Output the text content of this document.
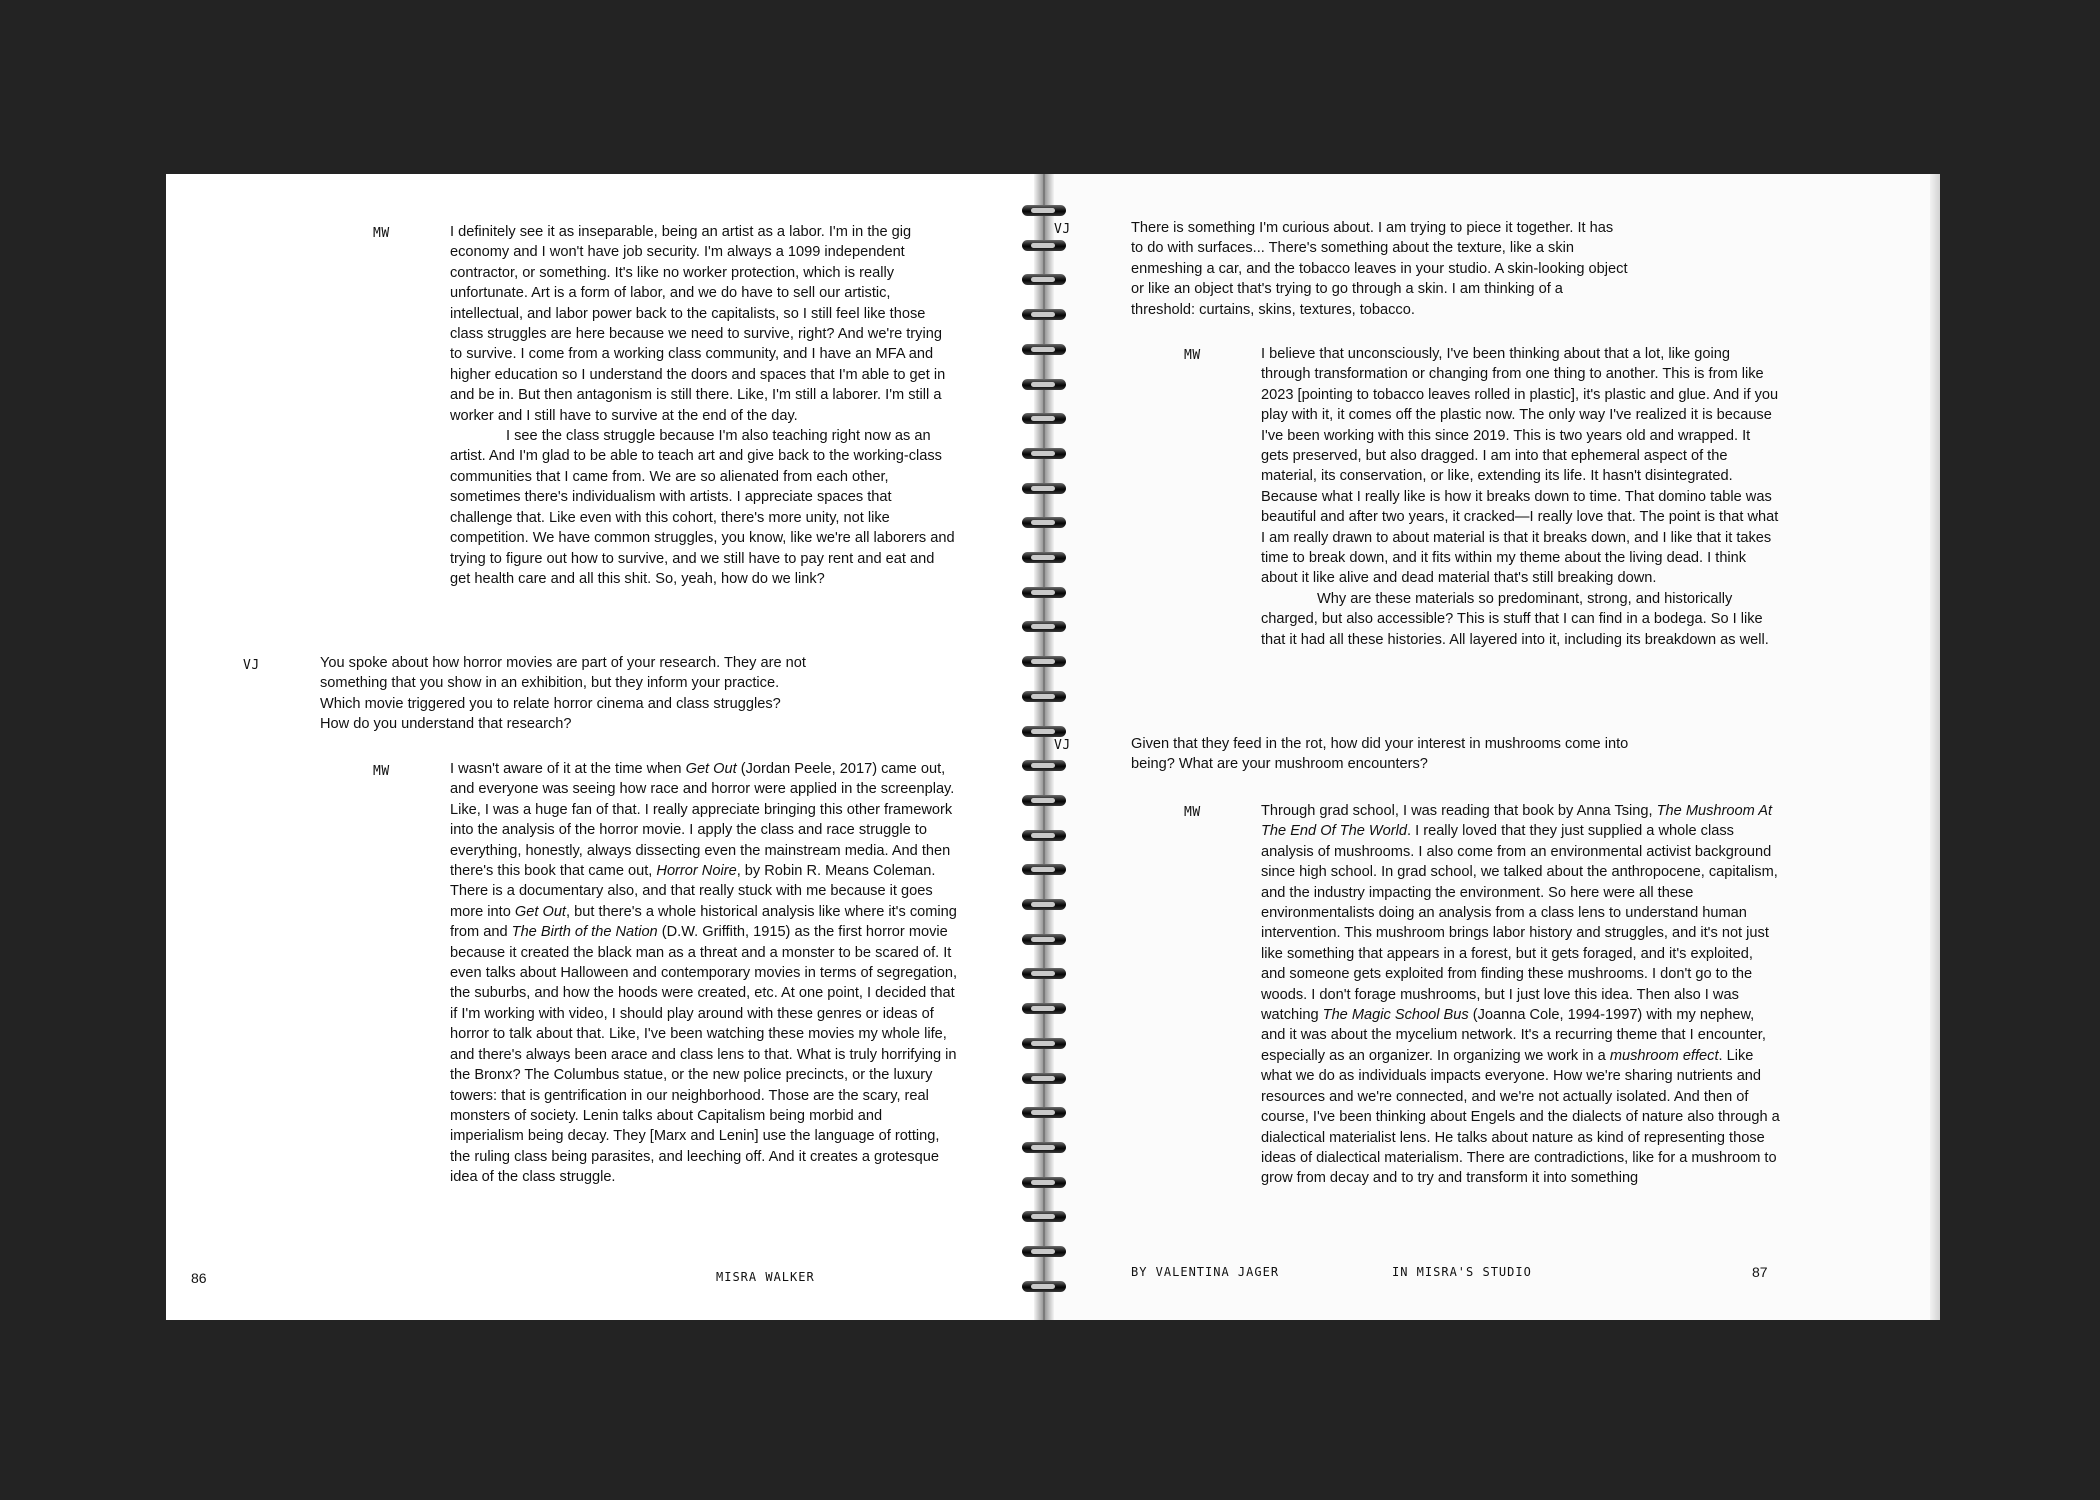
MW	I definitely see it as inseparable, being an artist as a labor. I'm in the gig economy and I won't have job security. I'm always a 1099 independent contractor, or something. It's like no worker protection, which is really unfortunate. Art is a form of labor, and we do have to sell our artistic, intellectual, and labor power back to the capitalists, so I still feel like those class struggles are here because we need to survive, right? And we're trying to survive. I come from a working class community, and I have an MFA and higher education so I understand the doors and spaces that I'm able to get in and be in. But then antagonism is still there. Like, I'm still a laborer. I'm still a worker and I still have to survive at the end of the day.

I see the class struggle because I'm also teaching right now as an artist. And I'm glad to be able to teach art and give back to the working-class communities that I came from. We are so alienated from each other, sometimes there's individualism with artists. I appreciate spaces that challenge that. Like even with this cohort, there's more unity, not like competition. We have common struggles, you know, like we're all laborers and trying to figure out how to survive, and we still have to pay rent and eat and get health care and all this shit. So, yeah, how do we link?

VJ	You spoke about how horror movies are part of your research. They are not something that you show in an exhibition, but they inform your practice. Which movie triggered you to relate horror cinema and class struggles? How do you understand that research?

MW	I wasn't aware of it at the time when Get Out (Jordan Peele, 2017) came out, and everyone was seeing how race and horror were applied in the screenplay. Like, I was a huge fan of that. I really appreciate bringing this other framework into the analysis of the horror movie. I apply the class and race struggle to everything, honestly, always dissecting even the mainstream media. And then there's this book that came out, Horror Noire, by Robin R. Means Coleman. There is a documentary also, and that really stuck with me because it goes more into Get Out, but there's a whole historical analysis like where it's coming from and The Birth of the Nation (D.W. Griffith, 1915) as the first horror movie because it created the black man as a threat and a monster to be scared of. It even talks about Halloween and contemporary movies in terms of segregation, the suburbs, and how the hoods were created, etc. At one point, I decided that if I'm working with video, I should play around with these genres or ideas of horror to talk about that. Like, I've been watching these movies my whole life, and there's always been arace and class lens to that. What is truly horrifying in the Bronx? The Columbus statue, or the new police precincts, or the luxury towers: that is gentrification in our neighborhood. Those are the scary, real monsters of society. Lenin talks about Capitalism being morbid and imperialism being decay. They [Marx and Lenin] use the language of rotting, the ruling class being parasites, and leeching off. And it creates a grotesque idea of the class struggle.

86	MISRA WALKER
VJ	There is something I'm curious about. I am trying to piece it together. It has to do with surfaces... There's something about the texture, like a skin enmeshing a car, and the tobacco leaves in your studio. A skin-looking object or like an object that's trying to go through a skin. I am thinking of a threshold: curtains, skins, textures, tobacco.

MW	I believe that unconsciously, I've been thinking about that a lot, like going through transformation or changing from one thing to another. This is from like 2023 [pointing to tobacco leaves rolled in plastic], it's plastic and glue. And if you play with it, it comes off the plastic now. The only way I've realized it is because I've been working with this since 2019. This is two years old and wrapped. It gets preserved, but also dragged. I am into that ephemeral aspect of the material, its conservation, or like, extending its life. It hasn't disintegrated. Because what I really like is how it breaks down to time. That domino table was beautiful and after two years, it cracked—I really love that. The point is that what I am really drawn to about material is that it breaks down, and I like that it takes time to break down, and it fits within my theme about the living dead. I think about it like alive and dead material that's still breaking down.

Why are these materials so predominant, strong, and historically charged, but also accessible? This is stuff that I can find in a bodega. So I like that it had all these histories. All layered into it, including its breakdown as well.

VJ	Given that they feed in the rot, how did your interest in mushrooms come into being? What are your mushroom encounters?

MW	Through grad school, I was reading that book by Anna Tsing, The Mushroom At The End Of The World. I really loved that they just supplied a whole class analysis of mushrooms. I also come from an environmental activist background since high school. In grad school, we talked about the anthropocene, capitalism, and the industry impacting the environment. So here were all these environmentalists doing an analysis from a class lens to understand human intervention. This mushroom brings labor history and struggles, and it's not just like something that appears in a forest, but it gets foraged, and it's exploited, and someone gets exploited from finding these mushrooms. I don't go to the woods. I don't forage mushrooms, but I just love this idea. Then also I was watching The Magic School Bus (Joanna Cole, 1994-1997) with my nephew, and it was about the mycelium network. It's a recurring theme that I encounter, especially as an organizer. In organizing we work in a mushroom effect. Like what we do as individuals impacts everyone. How we're sharing nutrients and resources and we're connected, and we're not actually isolated. And then of course, I've been thinking about Engels and the dialects of nature also through a dialectical materialist lens. He talks about nature as kind of representing those ideas of dialectical materialism. There are contradictions, like for a mushroom to grow from decay and to try and transform it into something

BY VALENTINA JAGER	IN MISRA'S STUDIO	87
